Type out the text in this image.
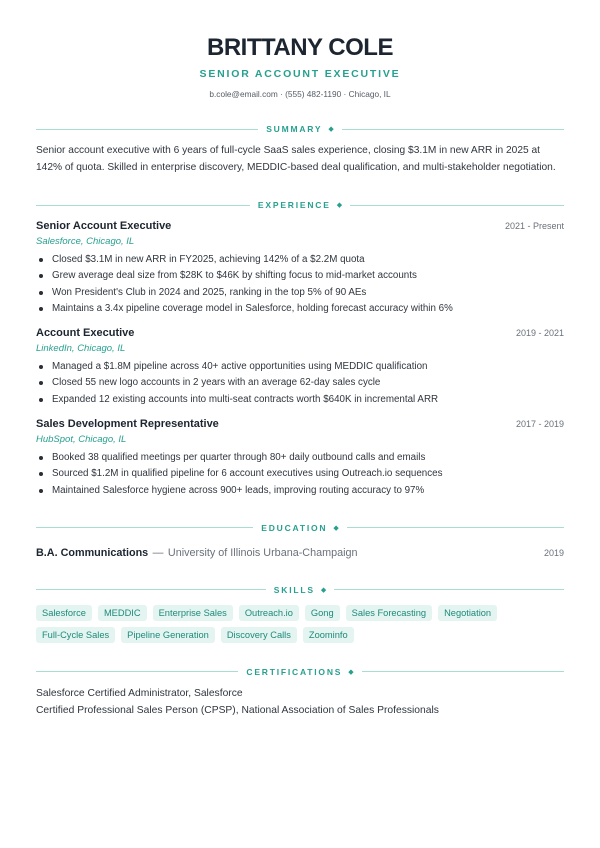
BRITTANY COLE
SENIOR ACCOUNT EXECUTIVE
b.cole@email.com · (555) 482-1190 · Chicago, IL
SUMMARY ◆

Senior account executive with 6 years of full-cycle SaaS sales experience, closing $3.1M in new ARR in 2025 at 142% of quota. Skilled in enterprise discovery, MEDDIC-based deal qualification, and multi-stakeholder negotiation.

EXPERIENCE ◆
Senior Account Executive	2021 - Present
Salesforce, Chicago, IL
Closed $3.1M in new ARR in FY2025, achieving 142% of a $2.2M quota
Grew average deal size from $28K to $46K by shifting focus to mid-market accounts
Won President's Club in 2024 and 2025, ranking in the top 5% of 90 AEs
Maintains a 3.4x pipeline coverage model in Salesforce, holding forecast accuracy within 6%
Account Executive	2019 - 2021
LinkedIn, Chicago, IL
Managed a $1.8M pipeline across 40+ active opportunities using MEDDIC qualification
Closed 55 new logo accounts in 2 years with an average 62-day sales cycle
Expanded 12 existing accounts into multi-seat contracts worth $640K in incremental ARR
Sales Development Representative	2017 - 2019
HubSpot, Chicago, IL
Booked 38 qualified meetings per quarter through 80+ daily outbound calls and emails
Sourced $1.2M in qualified pipeline for 6 account executives using Outreach.io sequences
Maintained Salesforce hygiene across 900+ leads, improving routing accuracy to 97%
EDUCATION ◆
B.A. Communications — University of Illinois Urbana-Champaign	2019
SKILLS ◆
Salesforce	MEDDIC	Enterprise Sales	Outreach.io	Gong	Sales Forecasting	Negotiation
Full-Cycle Sales	Pipeline Generation	Discovery Calls	Zoominfo
CERTIFICATIONS ◆
Salesforce Certified Administrator, Salesforce
Certified Professional Sales Person (CPSP), National Association of Sales Professionals
